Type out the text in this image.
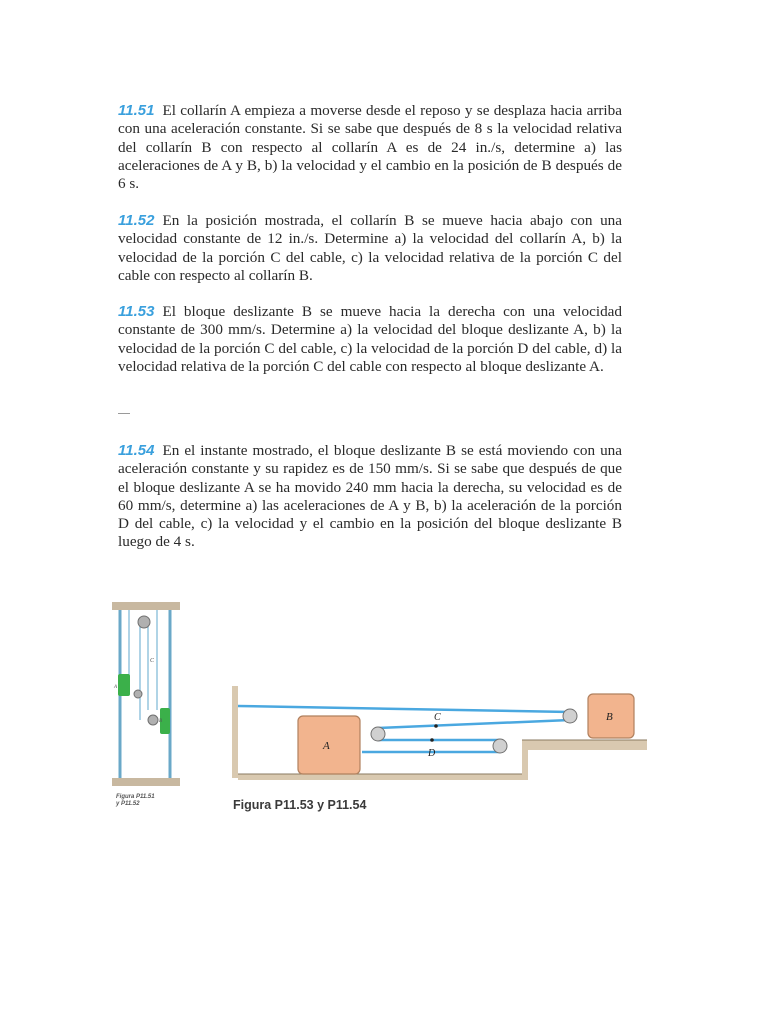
11.51 El collarín A empieza a moverse desde el reposo y se desplaza hacia arriba con una aceleración constante. Si se sabe que después de 8 s la velocidad relativa del collarín B con respecto al collarín A es de 24 in./s, determine a) las aceleraciones de A y B, b) la velocidad y el cambio en la posición de B después de 6 s.
11.52 En la posición mostrada, el collarín B se mueve hacia abajo con una velocidad constante de 12 in./s. Determine a) la velocidad del collarín A, b) la velocidad de la porción C del cable, c) la velocidad relativa de la porción C del cable con respecto al collarín B.
11.53 El bloque deslizante B se mueve hacia la derecha con una velocidad constante de 300 mm/s. Determine a) la velocidad del bloque deslizante A, b) la velocidad de la porción C del cable, c) la velocidad de la porción D del cable, d) la velocidad relativa de la porción C del cable con respecto al bloque deslizante A.
11.54 En el instante mostrado, el bloque deslizante B se está moviendo con una aceleración constante y su rapidez es de 150 mm/s. Si se sabe que después de que el bloque deslizante A se ha movido 240 mm hacia la derecha, su velocidad es de 60 mm/s, determine a) las aceleraciones de A y B, b) la aceleración de la porción D del cable, c) la velocidad y el cambio en la posición del bloque deslizante B luego de 4 s.
C
A
B
Figura P11.51
y P11.52
A
B
C
D
Figura P11.53 y P11.54
